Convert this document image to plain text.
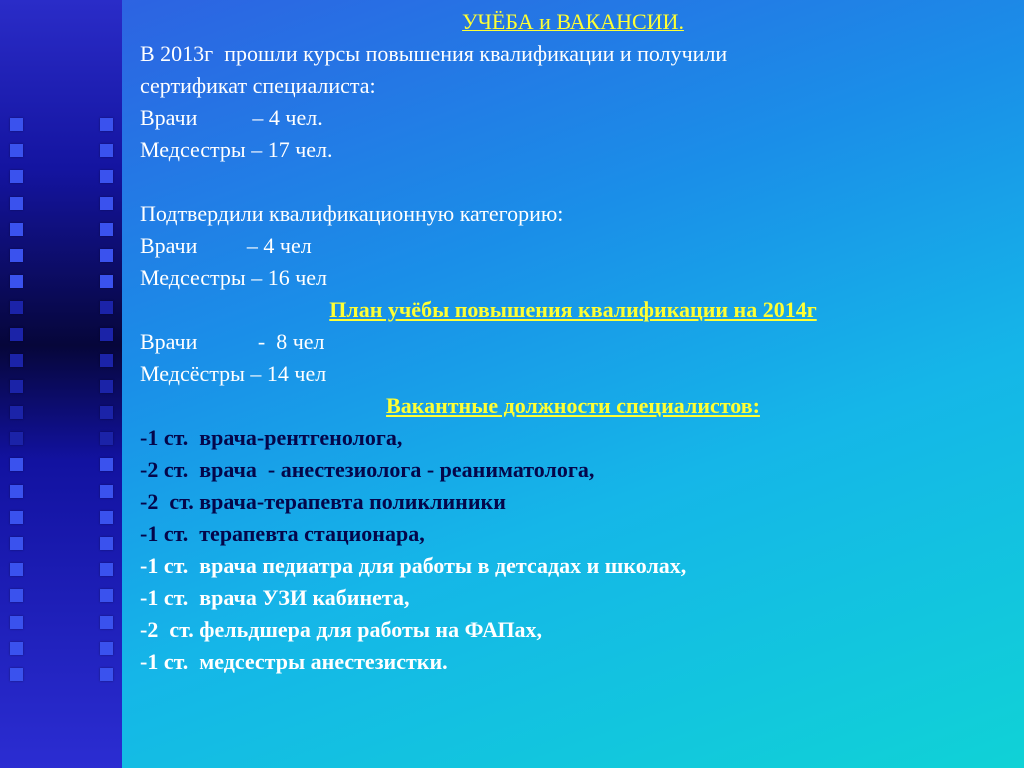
УЧЁБА и ВАКАНСИИ.
В 2013г  прошли курсы повышения квалификации и получили
сертификат специалиста:
Врачи          – 4 чел.
Медсестры – 17 чел.
Подтвердили квалификационную категорию:
Врачи         – 4 чел
Медсестры – 16 чел
План учёбы повышения квалификации на 2014г
Врачи           -  8 чел
Медсёстры – 14 чел
Вакантные должности специалистов:
-1 ст.  врача-рентгенолога,
-2 ст.  врача  - анестезиолога - реаниматолога,
-2  ст. врача-терапевта поликлиники
-1 ст.  терапевта стационара,
-1 ст.  врача педиатра для работы в детсадах и школах,
-1 ст.  врача УЗИ кабинета,
-2  ст. фельдшера для работы на ФАПах,
-1 ст.  медсестры анестезистки.
